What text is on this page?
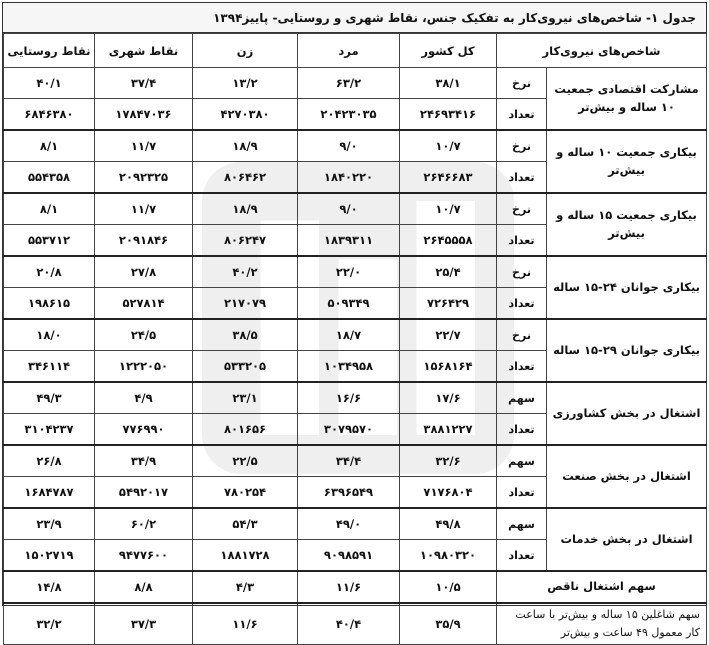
جدول ۱- شاخص‌های نیروی‌کار به تفکیک جنس، نقاط شهری و روستایی- پاییز۱۳۹۴
شاخص‌های نیروی‌کار		کل کشور	مرد	زن	نقاط شهری	نقاط روستایی
مشارکت اقتصادی جمعیت ۱۰ ساله و بیش‌تر	نرخ	۳۸/۱	۶۳/۲	۱۳/۲	۳۷/۴	۴۰/۱
	تعداد	۲۴۶۹۳۴۱۶	۲۰۴۲۳۰۳۵	۴۲۷۰۳۸۰	۱۷۸۴۷۰۳۶	۶۸۴۶۳۸۰
بیکاری جمعیت ۱۰ ساله و بیش‌تر	نرخ	۱۰/۷	۹/۰	۱۸/۹	۱۱/۷	۸/۱
	تعداد	۲۶۴۶۶۸۳	۱۸۴۰۲۲۰	۸۰۶۴۶۲	۲۰۹۲۳۲۵	۵۵۴۳۵۸
بیکاری جمعیت ۱۵ ساله و بیش‌تر	نرخ	۱۰/۷	۹/۰	۱۸/۹	۱۱/۷	۸/۱
	تعداد	۲۶۴۵۵۵۸	۱۸۳۹۳۱۱	۸۰۶۲۴۷	۲۰۹۱۸۴۶	۵۵۳۷۱۲
بیکاری جوانان ۲۴-۱۵ ساله	نرخ	۲۵/۴	۲۲/۰	۴۰/۲	۲۷/۸	۲۰/۸
	تعداد	۷۲۶۴۲۹	۵۰۹۳۴۹	۲۱۷۰۷۹	۵۲۷۸۱۴	۱۹۸۶۱۵
بیکاری جوانان ۲۹-۱۵ ساله	نرخ	۲۲/۷	۱۸/۷	۳۸/۵	۲۴/۵	۱۸/۰
	تعداد	۱۵۶۸۱۶۴	۱۰۳۴۹۵۸	۵۳۳۲۰۵	۱۲۲۲۰۵۰	۳۴۶۱۱۴
اشتغال در بخش کشاورزی	سهم	۱۷/۶	۱۶/۶	۲۳/۱	۴/۹	۴۹/۳
	تعداد	۳۸۸۱۲۲۷	۳۰۷۹۵۷۰	۸۰۱۶۵۶	۷۷۶۹۹۰	۳۱۰۴۲۳۷
اشتغال در بخش صنعت	سهم	۳۲/۶	۳۴/۴	۲۲/۵	۳۴/۹	۲۶/۸
	تعداد	۷۱۷۶۸۰۴	۶۳۹۶۵۴۹	۷۸۰۲۵۴	۵۴۹۲۰۱۷	۱۶۸۴۷۸۷
اشتغال در بخش خدمات	سهم	۴۹/۸	۴۹/۰	۵۴/۳	۶۰/۲	۲۳/۹
	تعداد	۱۰۹۸۰۳۲۰	۹۰۹۸۵۹۱	۱۸۸۱۷۲۸	۹۴۷۷۶۰۰	۱۵۰۲۷۱۹
سهم اشتغال ناقص		۱۰/۵	۱۱/۶	۴/۳	۸/۸	۱۴/۸
سهم شاغلین ۱۵ ساله و بیش‌تر با ساعت کار معمول ۴۹ ساعت و بیش‌تر		۳۵/۹	۴۰/۴	۱۱/۶	۳۷/۳	۳۲/۲
